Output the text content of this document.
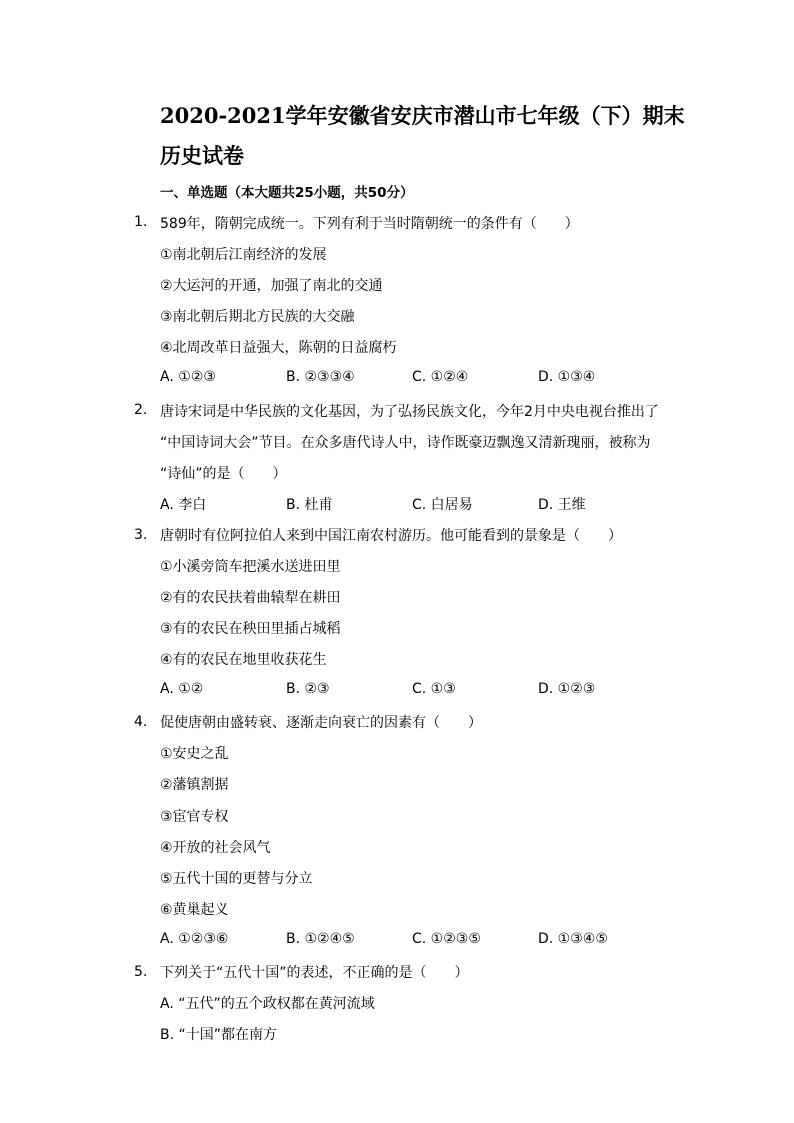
2020-2021学年安徽省安庆市潜山市七年级（下）期末
历史试卷
一、单选题（本大题共25小题，共50分）
1. 589年，隋朝完成统一。下列有利于当时隋朝统一的条件有（　　）
①南北朝后江南经济的发展
②大运河的开通，加强了南北的交通
③南北朝后期北方民族的大交融
④北周改革日益强大，陈朝的日益腐朽
A. ①②③	B. ②③③④	C. ①②④	D. ①③④
2. 唐诗宋词是中华民族的文化基因，为了弘扬民族文化，今年2月中央电视台推出了
“中国诗词大会”节目。在众多唐代诗人中，诗作既豪迈飘逸又清新瑰丽，被称为
“诗仙”的是（　　）
A. 李白	B. 杜甫	C. 白居易	D. 王维
3. 唐朝时有位阿拉伯人来到中国江南农村游历。他可能看到的景象是（　　）
①小溪旁筒车把溪水送进田里
②有的农民扶着曲辕犁在耕田
③有的农民在秧田里插占城稻
④有的农民在地里收获花生
A. ①②	B. ②③	C. ①③	D. ①②③
4. 促使唐朝由盛转衰、逐渐走向衰亡的因素有（　　）
①安史之乱
②藩镇割据
③宦官专权
④开放的社会风气
⑤五代十国的更替与分立
⑥黄巢起义
A. ①②③⑥	B. ①②④⑤	C. ①②③⑤	D. ①③④⑤
5. 下列关于“五代十国”的表述，不正确的是（　　）
A. “五代”的五个政权都在黄河流域
B. “十国”都在南方
